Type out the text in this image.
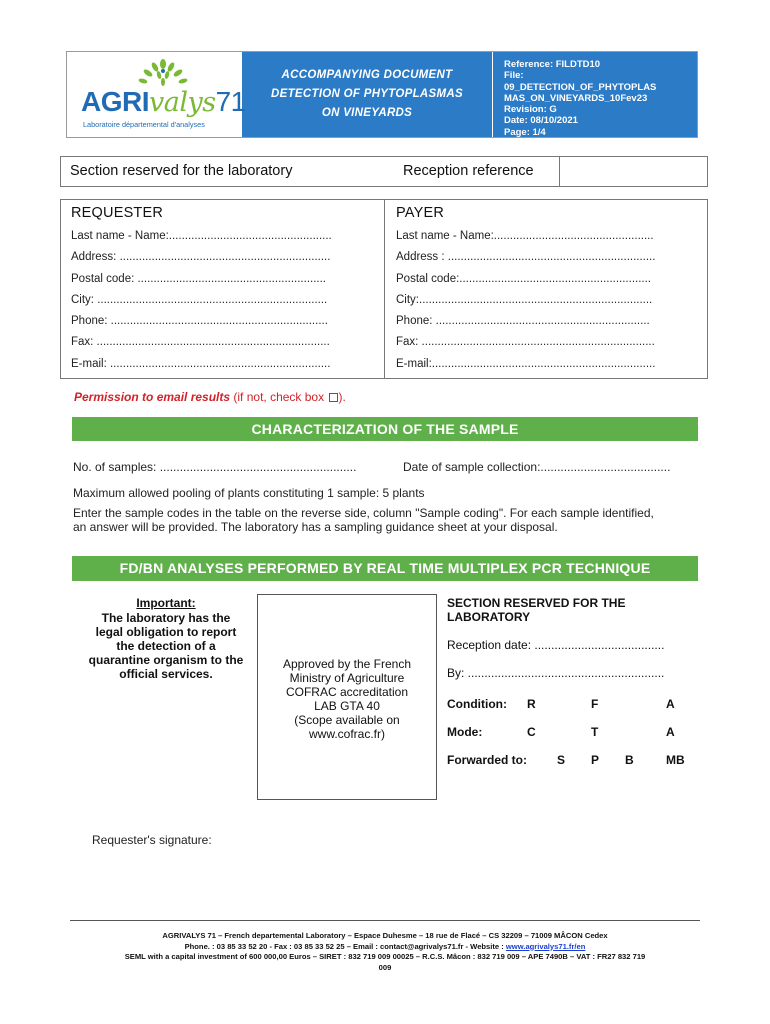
AGRIvalys71
Laboratoire départemental d'analyses
ACCOMPANYING DOCUMENT
DETECTION OF PHYTOPLASMAS
ON VINEYARDS
Reference: FILDTD10
File:
09_DETECTION_OF_PHYTOPLAS
MAS_ON_VINEYARDS_10Fev23
Revision: G
Date: 08/10/2021
Page: 1/4
Section reserved for the laboratory	Reception reference
REQUESTER
Last name - Name:...................................................
Address: ..................................................................
Postal code: ...........................................................
City: ........................................................................
Phone: ....................................................................
Fax: .........................................................................
E-mail: .....................................................................
PAYER
Last name - Name:..................................................
Address : .................................................................
Postal code:............................................................
City:.........................................................................
Phone: ...................................................................
Fax: .........................................................................
E-mail:......................................................................
Permission to email results (if not, check box ).
CHARACTERIZATION OF THE SAMPLE
No. of samples: ...........................................................	Date of sample collection:.......................................
Maximum allowed pooling of plants constituting 1 sample: 5 plants
Enter the sample codes in the table on the reverse side, column "Sample coding". For each sample identified,
an answer will be provided. The laboratory has a sampling guidance sheet at your disposal.
FD/BN ANALYSES PERFORMED BY REAL TIME MULTIPLEX PCR TECHNIQUE
Important:
The laboratory has the
legal obligation to report
the detection of a
quarantine organism to the
official services.
Approved by the French
Ministry of Agriculture
COFRAC accreditation
LAB GTA 40
(Scope available on
www.cofrac.fr)
SECTION RESERVED FOR THE LABORATORY
Reception date: .......................................
By: ...........................................................
Condition:	R	F	A
Mode:	C	T	A
Forwarded to:	S	P	B	MB
Requester's signature:
AGRIVALYS 71 – French departemental Laboratory – Espace Duhesme – 18 rue de Flacé – CS 32209 – 71009 MÂCON Cedex
Phone. : 03 85 33 52 20 - Fax : 03 85 33 52 25 – Email : contact@agrivalys71.fr - Website : www.agrivalys71.fr/en
SEML with a capital investment of 600 000,00 Euros – SIRET : 832 719 009 00025 – R.C.S. Mâcon : 832 719 009 – APE 7490B – VAT : FR27 832 719
009
